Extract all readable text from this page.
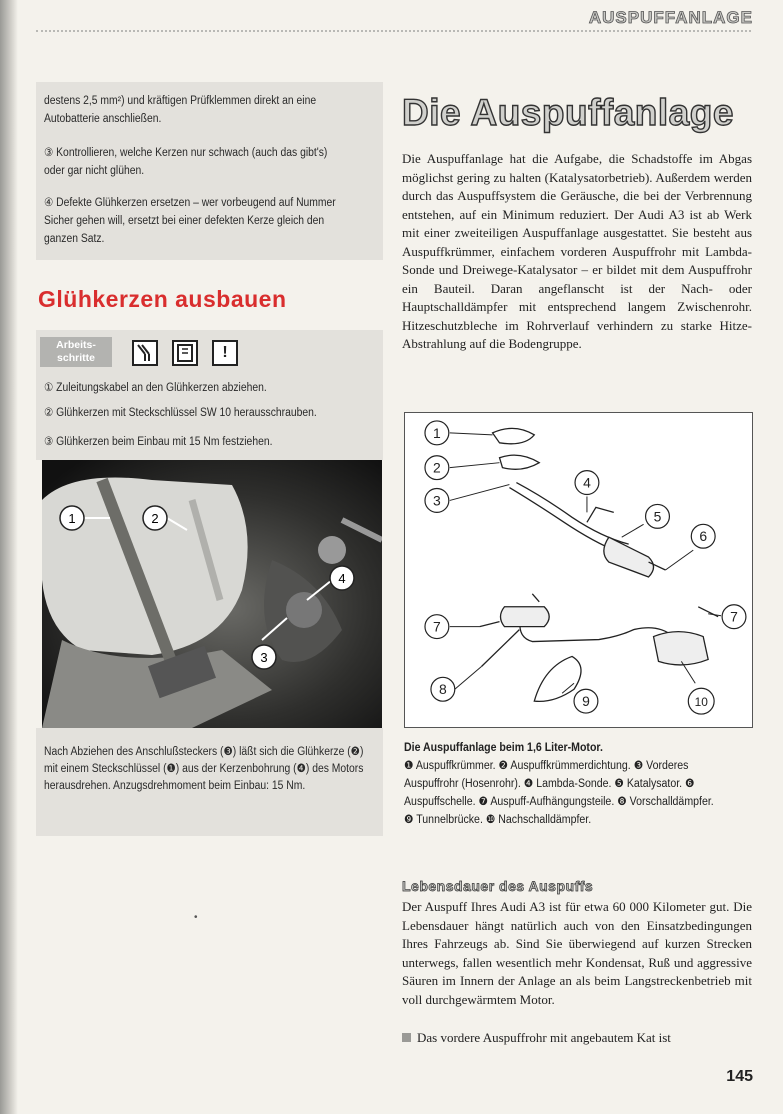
AUSPUFFANLAGE
destens 2,5 mm²) und kräftigen Prüfklemmen direkt an eine Autobatterie anschließen.
③ Kontrollieren, welche Kerzen nur schwach (auch das gibt's) oder gar nicht glühen.
④ Defekte Glühkerzen ersetzen – wer vorbeugend auf Nummer Sicher gehen will, ersetzt bei einer defekten Kerze gleich den ganzen Satz.
Glühkerzen ausbauen
Arbeits-schritte	!
① Zuleitungskabel an den Glühkerzen abziehen.
② Glühkerzen mit Steckschlüssel SW 10 herausschrauben.
③ Glühkerzen beim Einbau mit 15 Nm festziehen.
1	2
3
4
Nach Abziehen des Anschlußsteckers (❸) läßt sich die Glühkerze (❷) mit einem Steckschlüssel (❶) aus der Kerzenbohrung (❹) des Motors herausdrehen. Anzugsdrehmoment beim Einbau: 15 Nm.
Die Auspuffanlage
Die Auspuffanlage hat die Aufgabe, die Schadstoffe im Abgas möglichst gering zu halten (Katalysatorbetrieb). Außerdem werden durch das Auspuffsystem die Geräusche, die bei der Verbrennung entstehen, auf ein Minimum reduziert. Der Audi A3 ist ab Werk mit einer zweiteiligen Auspuffanlage ausgestattet. Sie besteht aus Auspuffkrümmer, einfachem vorderen Auspuffrohr mit Lambda-Sonde und Dreiwege-Katalysator – er bildet mit dem Auspuffrohr ein Bauteil. Daran angeflanscht ist der Nach- oder Hauptschalldämpfer mit entsprechend langem Zwischenrohr. Hitzeschutzbleche im Rohrverlauf verhindern zu starke Hitze-Abstrahlung auf die Bodengruppe.
1
2
3
4
5
6
7
7
8
9	10
Die Auspuffanlage beim 1,6 Liter-Motor.
❶ Auspuffkrümmer. ❷ Auspuffkrümmerdichtung. ❸ Vorderes Auspuffrohr (Hosenrohr). ❹ Lambda-Sonde. ❺ Katalysator. ❻ Auspuffschelle. ❼ Auspuff-Aufhängungsteile. ❽ Vorschalldämpfer. ❾ Tunnelbrücke. ❿ Nachschalldämpfer.
Lebensdauer des Auspuffs
Der Auspuff Ihres Audi A3 ist für etwa 60 000 Kilometer gut. Die Lebensdauer hängt natürlich auch von den Einsatzbedingungen Ihres Fahrzeugs ab. Sind Sie überwiegend auf kurzen Strecken unterwegs, fallen wesentlich mehr Kondensat, Ruß und aggressive Säuren im Innern der Anlage an als beim Langstreckenbetrieb mit voll durchgewärmtem Motor.
Das vordere Auspuffrohr mit angebautem Kat ist
•
145
